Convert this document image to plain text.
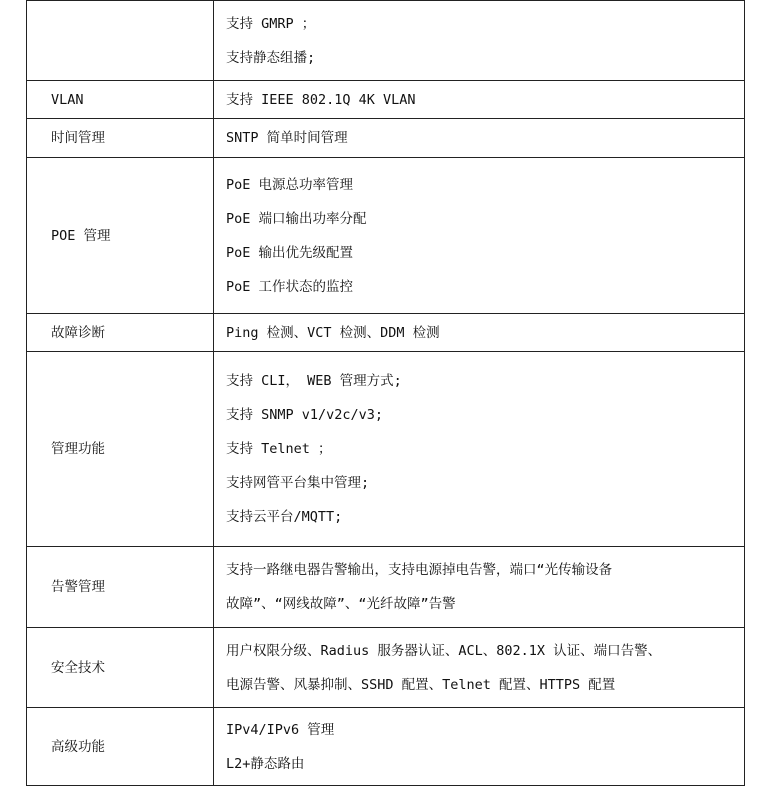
	支持 GMRP ；
支持静态组播;

VLAN	支持 IEEE 802.1Q 4K VLAN

时间管理	SNTP 简单时间管理

POE 管理	PoE 电源总功率管理
PoE 端口输出功率分配
PoE 输出优先级配置
PoE 工作状态的监控

故障诊断	Ping 检测、VCT 检测、DDM 检测

管理功能	支持 CLI， WEB 管理方式;
支持 SNMP v1/v2c/v3;
支持 Telnet ；
支持网管平台集中管理;
支持云平台/MQTT;

告警管理	支持一路继电器告警输出，支持电源掉电告警，端口“光传输设备
故障”、“网线故障”、“光纤故障”告警

安全技术	用户权限分级、Radius 服务器认证、ACL、802.1X 认证、端口告警、
电源告警、风暴抑制、SSHD 配置、Telnet 配置、HTTPS 配置

高级功能	IPv4/IPv6 管理
L2+静态路由
